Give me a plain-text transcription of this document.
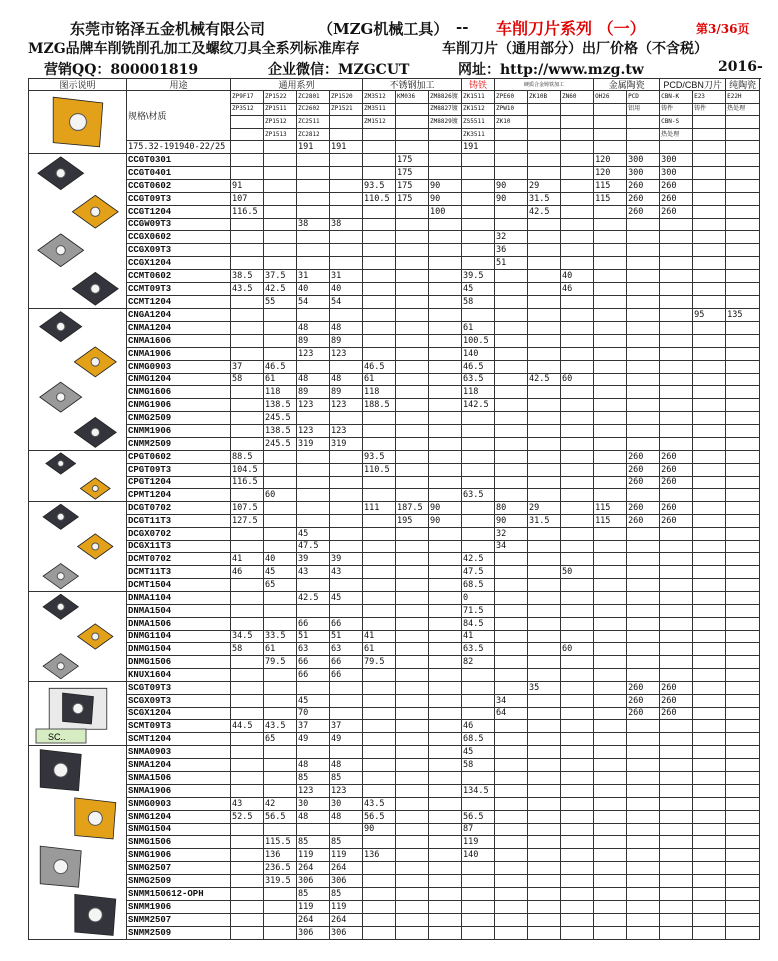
东莞市铭泽五金机械有限公司	（MZG机械工具） -- 车削刀片系列 （一）	第3/36页
MZG品牌车削铣削孔加工及螺纹刀具全系列标准库存	车削刀片（通用部分）出厂价格（不含税）
营销QQ：800001819	企业微信：MZGCUT	网址：http://www.mzg.tw	2016-
图示说明	用途	通用系列				不锈钢加工			铸铁	硬质合金铸铁加工			金属陶瓷		PCD/CBN刀片		纯陶瓷

	规格\材质	ZP9F17	ZP1522	ZC2801	ZP1520	ZM3512	KM036	ZM8826镀	ZK1511	ZPE60	ZK10B	ZN60	OH26	PCD	CBN-K	E23	E22H
		ZP3512	ZP1511	ZC2602	ZP1521	ZM3511		ZM8827镀	ZK1512	ZPW10				铝用	铸件	铸件	热处理
			ZP1512	ZC2511		ZM1512		ZM8829镀	ZS5511	ZK10					CBN-S		
			ZP1513	ZC2812					ZK3511						热处理		
	175.32-191940-22/25			191	191				191								

	CCGT0301						175						120	300	300		
	CCGT0401						175						120	300	300		
	CCGT0602	91				93.5	175	90		90	29		115	260	260		
	CCGT09T3	107				110.5	175	90		90	31.5		115	260	260		
	CCGT1204	116.5						100			42.5			260	260		
	CCGW09T3			38	38												
	CCGX0602									32							
	CCGX09T3									36							
	CCGX1204									51							
	CCMT0602	38.5	37.5	31	31				39.5			40					
	CCMT09T3	43.5	42.5	40	40				45			46					
	CCMT1204		55	54	54				58								

	CNGA1204															95	135
	CNMA1204			48	48				61								
	CNMA1606			89	89				100.5								
	CNMA1906			123	123				140								
	CNMG0903	37	46.5			46.5			46.5								
	CNMG1204	58	61	48	48	61			63.5		42.5	60					
	CNMG1606		118	89	89	118			118								
	CNMG1906		138.5	123	123	188.5			142.5								
	CNMG2509		245.5														
	CNMM1906		138.5	123	123												
	CNMM2509		245.5	319	319												

	CPGT0602	88.5				93.5								260	260		
	CPGT09T3	104.5				110.5								260	260		
	CPGT1204	116.5												260	260		
	CPMT1204		60						63.5								

	DCGT0702	107.5				111	187.5	90		80	29		115	260	260		
	DCGT11T3	127.5					195	90		90	31.5		115	260	260		
	DCGX0702			45						32							
	DCGX11T3			47.5						34							
	DCMT0702	41	40	39	39				42.5								
	DCMT11T3	46	45	43	43				47.5			50					
	DCMT1504		65						68.5								

	DNMA1104			42.5	45				0								
	DNMA1504								71.5								
	DNMA1506			66	66				84.5								
	DNMG1104	34.5	33.5	51	51	41			41								
	DNMG1504	58	61	63	63	61			63.5			60					
	DNMG1506		79.5	66	66	79.5			82								
	KNUX1604			66	66												

SC..	SCGT09T3										35			260	260		
	SCGX09T3			45						34				260	260		
	SCGX1204			70						64				260	260		
	SCMT09T3	44.5	43.5	37	37				46								
	SCMT1204		65	49	49				68.5								

	SNMA0903								45								
	SNMA1204			48	48				58								
	SNMA1506			85	85												
	SNMA1906			123	123				134.5								
	SNMG0903	43	42	30	30	43.5											
	SNMG1204	52.5	56.5	48	48	56.5			56.5								
	SNMG1504					90			87								
	SNMG1506		115.5	85	85				119								
	SNMG1906		136	119	119	136			140								
	SNMG2507		236.5	264	264												
	SNMG2509		319.5	306	306												
	SNMM150612-OPH			85	85												
	SNMM1906			119	119												
	SNMM2507			264	264												
	SNMM2509			306	306												
